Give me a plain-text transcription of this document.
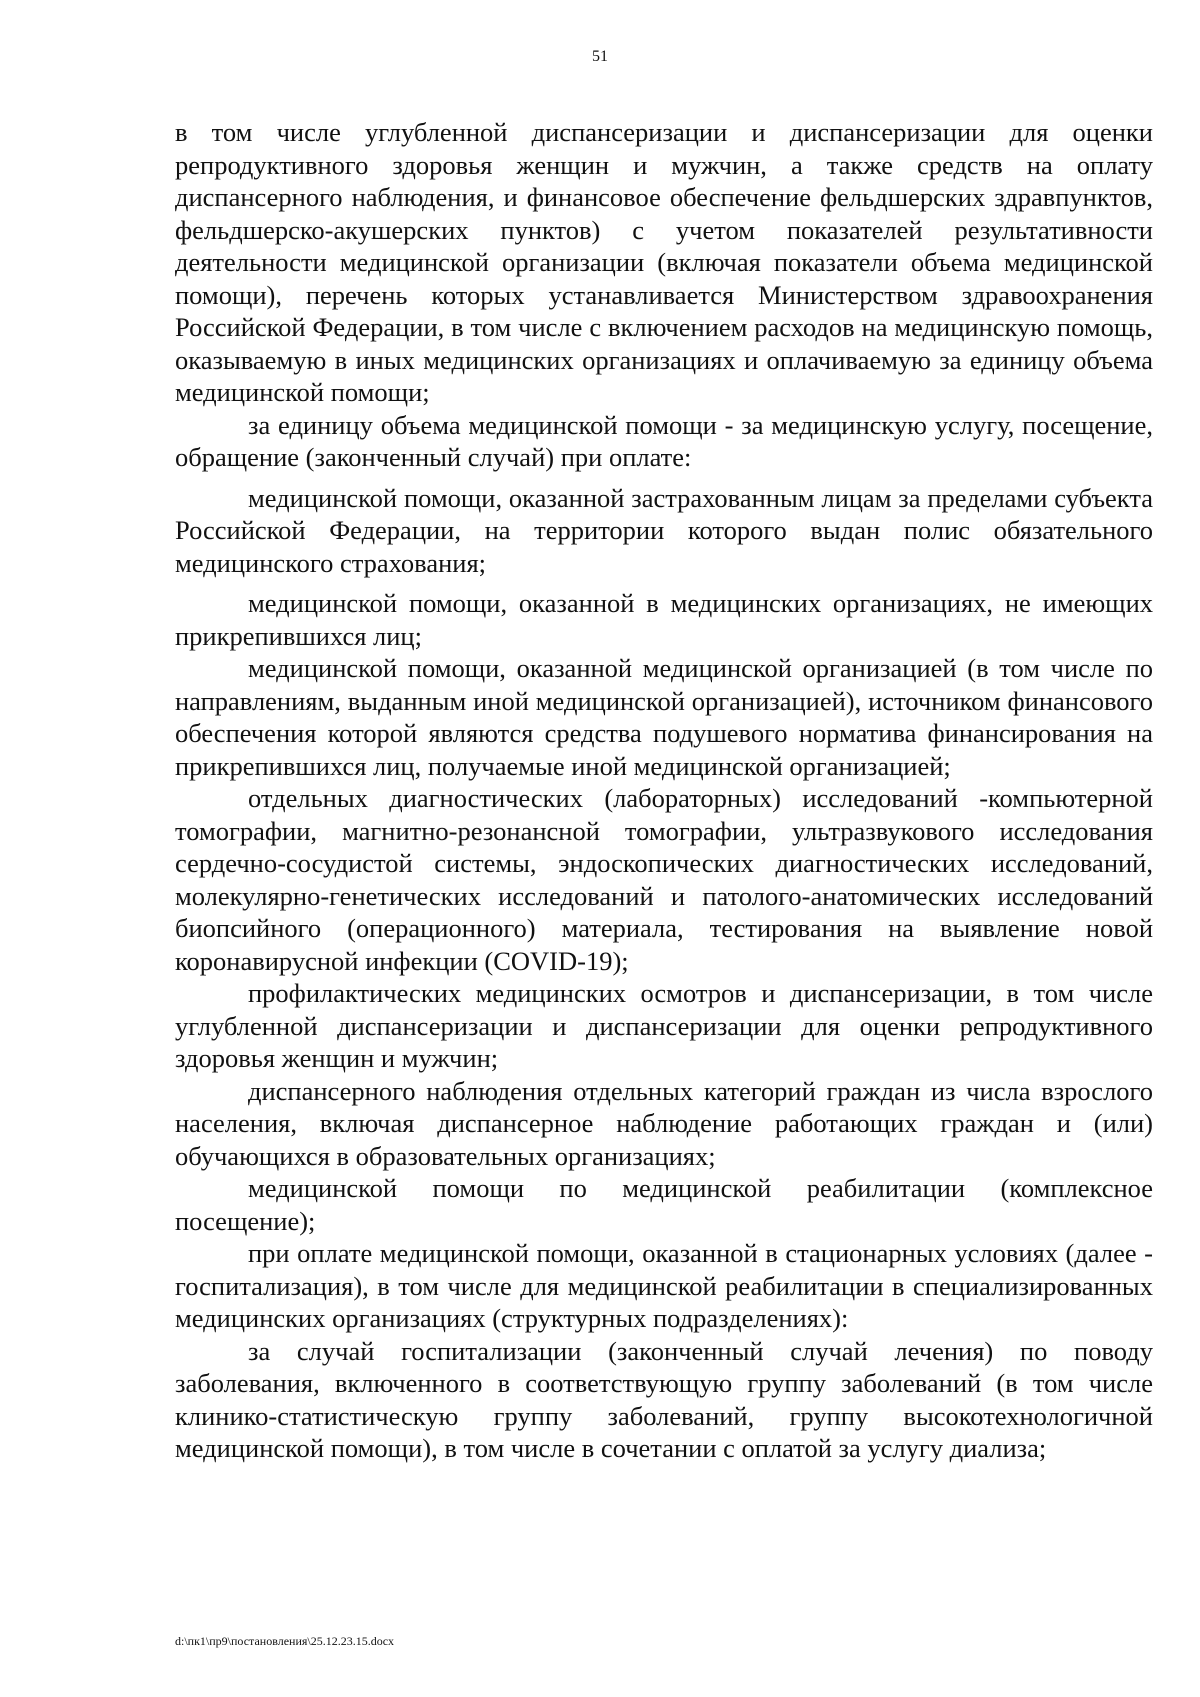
51

в том числе углубленной диспансеризации и диспансеризации для оценки репродуктивного здоровья женщин и мужчин, а также средств на оплату диспансерного наблюдения, и финансовое обеспечение фельдшерских здравпунктов, фельдшерско-акушерских пунктов) с учетом показателей результативности деятельности медицинской организации (включая показатели объема медицинской помощи), перечень которых устанавливается Министерством здравоохранения Российской Федерации, в том числе с включением расходов на медицинскую помощь, оказываемую в иных медицинских организациях и оплачиваемую за единицу объема медицинской помощи;

за единицу объема медицинской помощи - за медицинскую услугу, посещение, обращение (законченный случай) при оплате:

медицинской помощи, оказанной застрахованным лицам за пределами субъекта Российской Федерации, на территории которого выдан полис обязательного медицинского страхования;

медицинской помощи, оказанной в медицинских организациях, не имеющих прикрепившихся лиц;

медицинской помощи, оказанной медицинской организацией (в том числе по направлениям, выданным иной медицинской организацией), источником финансового обеспечения которой являются средства подушевого норматива финансирования на прикрепившихся лиц, получаемые иной медицинской организацией;

отдельных диагностических (лабораторных) исследований -компьютерной томографии, магнитно-резонансной томографии, ультразвукового исследования сердечно-сосудистой системы, эндоскопических диагностических исследований, молекулярно-генетических исследований и патолого-анатомических исследований биопсийного (операционного) материала, тестирования на выявление новой коронавирусной инфекции (COVID-19);

профилактических медицинских осмотров и диспансеризации, в том числе углубленной диспансеризации и диспансеризации для оценки репродуктивного здоровья женщин и мужчин;

диспансерного наблюдения отдельных категорий граждан из числа взрослого населения, включая диспансерное наблюдение работающих граждан и (или) обучающихся в образовательных организациях;

медицинской помощи по медицинской реабилитации (комплексное посещение);

при оплате медицинской помощи, оказанной в стационарных условиях (далее - госпитализация), в том числе для медицинской реабилитации в специализированных медицинских организациях (структурных подразделениях):

за случай госпитализации (законченный случай лечения) по поводу заболевания, включенного в соответствующую группу заболеваний (в том числе клинико-статистическую группу заболеваний, группу высокотехнологичной медицинской помощи), в том числе в сочетании с оплатой за услугу диализа;

d:\пк1\пр9\постановления\25.12.23.15.docx
